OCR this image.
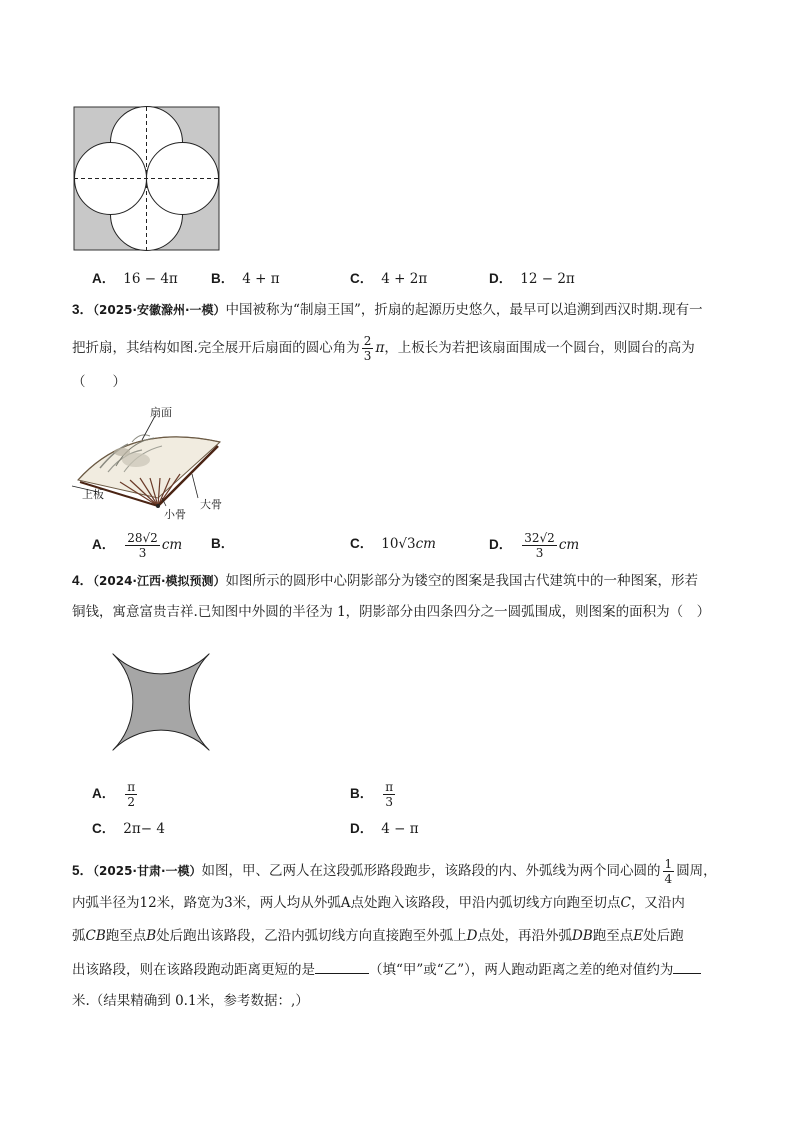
A． 16 − 4π B． 4 + π	C． 4 + 2π	D． 12 − 2π
3．（2025·安徽滁州·一模）中国被称为“制扇王国”，折扇的起源历史悠久，最早可以追溯到西汉时期.现有一
把折扇，其结构如图.完全展开后扇面的圆心角为 $\frac{2}{3}$ π，上板长为若把该扇面围成一个圆台，则圆台的高为
（　　）
扇面
上板
小骨
大骨
A． $\frac{28√2}{3}$ cm B．	C． 10√3cm	D． $\frac{32√2}{3}$ cm
4．（2024·江西·模拟预测）如图所示的圆形中心阴影部分为镂空的图案是我国古代建筑中的一种图案，形若
铜钱，寓意富贵吉祥.已知图中外圆的半径为 1，阴影部分由四条四分之一圆弧围成，则图案的面积为（　）
A． $\frac{\pi}{2}$	B． $\frac{\pi}{3}$
C． 2π− 4	D． 4 − π
5．（2025·甘肃·一模）如图，甲、乙两人在这段弧形路段跑步，该路段的内、外弧线为两个同心圆的 $\frac{1}{4}$ 圆周，
内弧半径为12米，路宽为3米，两人均从外弧A点处跑入该路段，甲沿内弧切线方向跑至切点C，又沿内
弧CB跑至点B处后跑出该路段，乙沿内弧切线方向直接跑至外弧上D点处，再沿外弧DB跑至点E处后跑
出该路段，则在该路段跑动距离更短的是	（填“甲”或“乙”），两人跑动距离之差的绝对值约为
米.（结果精确到 0.1米，参考数据：,）
